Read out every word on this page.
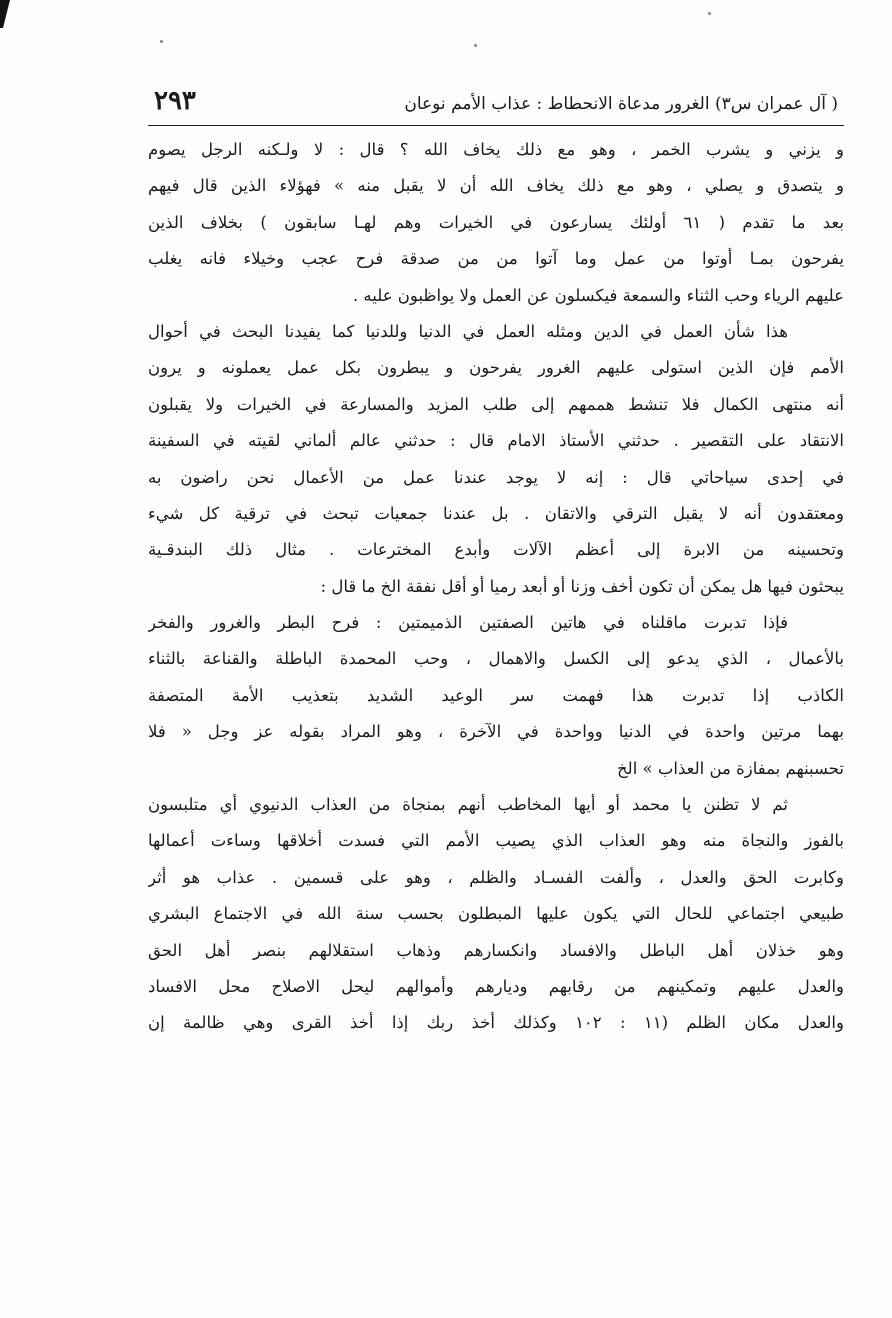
( آل عمران س٣) الغرور مدعاة الانحطاط : عذاب الأمم نوعان
٢٩٣
و يزني و يشرب الخمر ، وهو مع ذلك يخاف الله ؟ قال : لا ولـكنه الرجل يصوم
و يتصدق و يصلي ، وهو مع ذلك يخاف الله أن لا يقبل منه » فهؤلاء الذين قال فيهم
بعد ما تقدم ( ٦١ أولئك يسارعون في الخيرات وهم لهـا سابقون ) بخلاف الذين
يفرحون بمـا أوتوا من عمل وما آتوا من من صدقة فرح عجب وخيلاء فانه يغلب
عليهم الرياء وحب الثناء والسمعة فيكسلون عن العمل ولا يواظبون عليه .
هذا شأن العمل في الدين ومثله العمل في الدنيا وللدنيا كما يفيدنا البحث في أحوال
الأمم فإن الذين استولى عليهم الغرور يفرحون و يبطرون بكل عمل يعملونه و يرون
أنه منتهى الكمال فلا تنشط هممهم إلى طلب المزيد والمسارعة في الخيرات ولا يقبلون
الانتقاد على التقصير . حدثني الأستاذ الامام قال : حدثني عالم ألماني لقيته في السفينة
في إحدى سياحاتي قال : إنه لا يوجد عندنا عمل من الأعمال نحن راضون به
ومعتقدون أنه لا يقبل الترقي والاتقان . بل عندنا جمعيات تبحث في ترقية كل شيء
وتحسينه من الابرة إلى أعظم الآلات وأبدع المخترعات . مثال ذلك البندقـية
يبحثون فيها هل يمكن أن تكون أخف وزنا أو أبعد رميا أو أقل نفقة الخ ما قال :
فإذا تدبرت ماقلناه في هاتين الصفتين الذميمتين : فرح البطر والغرور والفخر
بالأعمال ، الذي يدعو إلى الكسل والاهمال ، وحب المحمدة الباطلة والقناعة بالثناء
الكاذب إذا تدبرت هذا فهمت سر الوعيد الشديد بتعذيب الأمة المتصفة
بهما مرتين واحدة في الدنيا وواحدة في الآخرة ، وهو المراد بقوله عز وجل « فلا
تحسبنهم بمفازة من العذاب » الخ
ثم لا تظنن يا محمد أو أيها المخاطب أنهم بمنجاة من العذاب الدنيوي أي متلبسون
بالفوز والنجاة منه وهو العذاب الذي يصيب الأمم التي فسدت أخلاقها وساءت أعمالها
وكابرت الحق والعدل ، وألفت الفسـاد والظلم ، وهو على قسمين . عذاب هو أثر
طبيعي اجتماعي للحال التي يكون عليها المبطلون بحسب سنة الله في الاجتماع البشري
وهو خذلان أهل الباطل والافساد وانكسارهم وذهاب استقلالهم بنصر أهل الحق
والعدل عليهم وتمكينهم من رقابهم وديارهم وأموالهم ليحل الاصلاح محل الافساد
والعدل مكان الظلم (١١ : ١٠٢ وكذلك أخذ ربك إذا أخذ القرى وهي ظالمة إن
